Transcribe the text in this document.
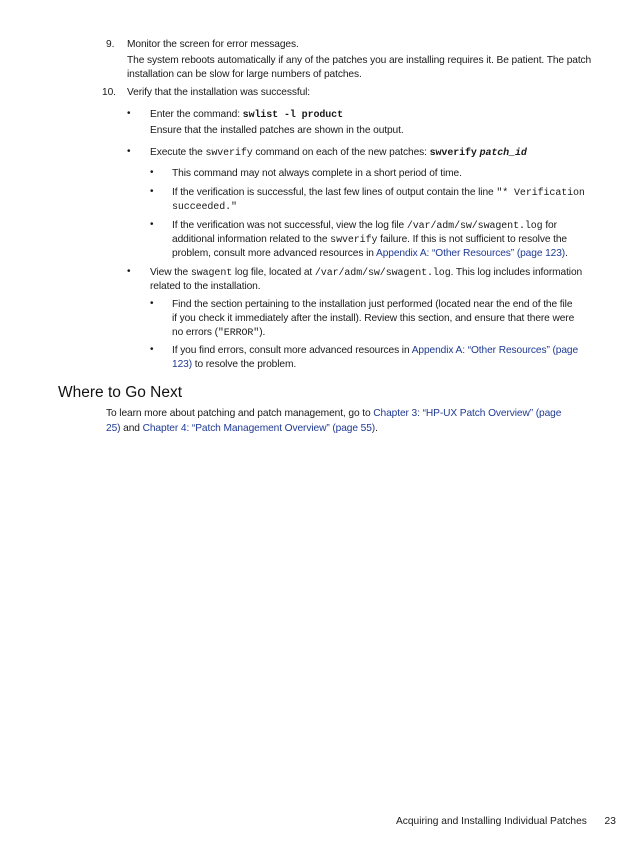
9. Monitor the screen for error messages.
The system reboots automatically if any of the patches you are installing requires it. Be patient. The patch installation can be slow for large numbers of patches.
10. Verify that the installation was successful:
• Enter the command: swlist -l product
Ensure that the installed patches are shown in the output.
• Execute the swverify command on each of the new patches: swverify patch_id
• This command may not always complete in a short period of time.
• If the verification is successful, the last few lines of output contain the line "* Verification
succeeded."
• If the verification was not successful, view the log file /var/adm/sw/swagent.log for
additional information related to the swverify failure. If this is not sufficient to resolve the
problem, consult more advanced resources in Appendix A: “Other Resources” (page 123).
• View the swagent log file, located at /var/adm/sw/swagent.log. This log includes information
related to the installation.
• Find the section pertaining to the installation just performed (located near the end of the file
if you check it immediately after the install). Review this section, and ensure that there were
no errors ("ERROR").
• If you find errors, consult more advanced resources in Appendix A: “Other Resources” (page
123) to resolve the problem.
Where to Go Next
To learn more about patching and patch management, go to Chapter 3: “HP-UX Patch Overview” (page
25) and Chapter 4: “Patch Management Overview” (page 55).
Acquiring and Installing Individual Patches 23
